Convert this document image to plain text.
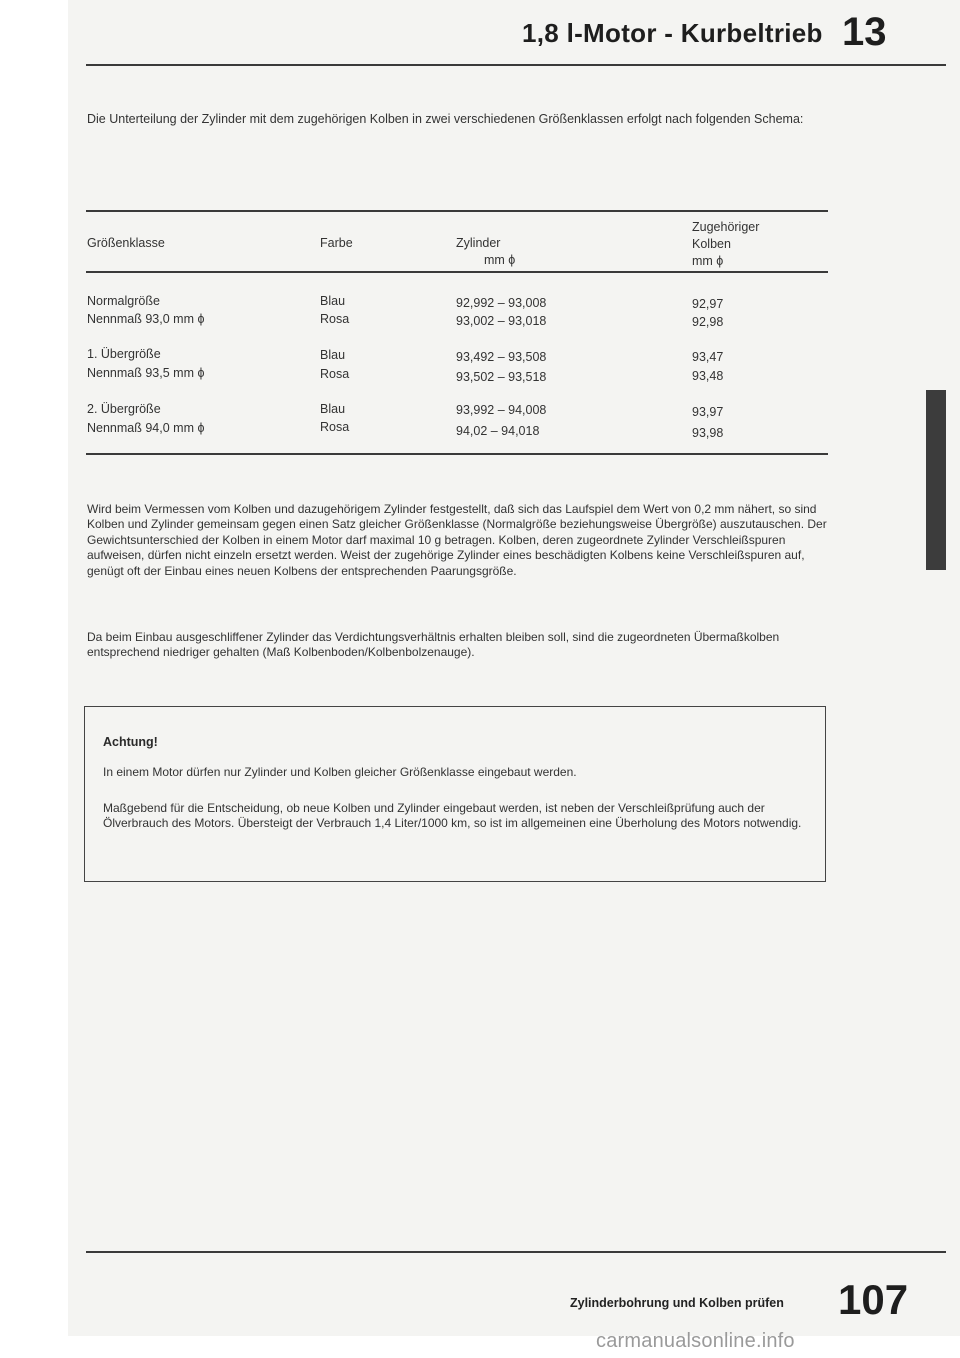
1,8 l-Motor - Kurbeltrieb 13
Die Unterteilung der Zylinder mit dem zugehörigen Kolben in zwei verschiedenen Größenklassen erfolgt nach folgenden Schema:
Größenklasse	Farbe	Zylinder
mm ϕ
Zugehöriger
Kolben
mm ϕ
Normalgröße
Nennmaß 93,0 mm ϕ
Blau
Rosa
92,992 – 93,008
93,002 – 93,018
92,97
92,98
1. Übergröße
Nennmaß 93,5 mm ϕ
Blau
Rosa
93,492 – 93,508
93,502 – 93,518
93,47
93,48
2. Übergröße
Nennmaß 94,0 mm ϕ
Blau
Rosa
93,992 – 94,008
94,02 – 94,018
93,97
93,98
Wird beim Vermessen vom Kolben und dazugehörigem Zylinder festgestellt, daß sich das Laufspiel dem Wert von 0,2 mm nähert, so sind Kolben und Zylinder gemeinsam gegen einen Satz gleicher Größenklasse (Normalgröße beziehungsweise Übergröße) auszutauschen. Der Gewichtsunterschied der Kolben in einem Motor darf maximal 10 g betragen. Kolben, deren zugeordnete Zylinder Verschleißspuren aufweisen, dürfen nicht einzeln ersetzt werden. Weist der zugehörige Zylinder eines beschädigten Kolbens keine Verschleißspuren auf, genügt oft der Einbau eines neuen Kolbens der entsprechenden Paarungsgröße.
Da beim Einbau ausgeschliffener Zylinder das Verdichtungsverhältnis erhalten bleiben soll, sind die zugeordneten Übermaßkolben entsprechend niedriger gehalten (Maß Kolbenboden/Kolbenbolzenauge).
Achtung!
In einem Motor dürfen nur Zylinder und Kolben gleicher Größenklasse eingebaut werden.
Maßgebend für die Entscheidung, ob neue Kolben und Zylinder eingebaut werden, ist neben der Verschleißprüfung auch der Ölverbrauch des Motors. Übersteigt der Verbrauch 1,4 Liter/1000 km, so ist im allgemeinen eine Überholung des Motors notwendig.
Zylinderbohrung und Kolben prüfen 107
carmanualsonline.info
